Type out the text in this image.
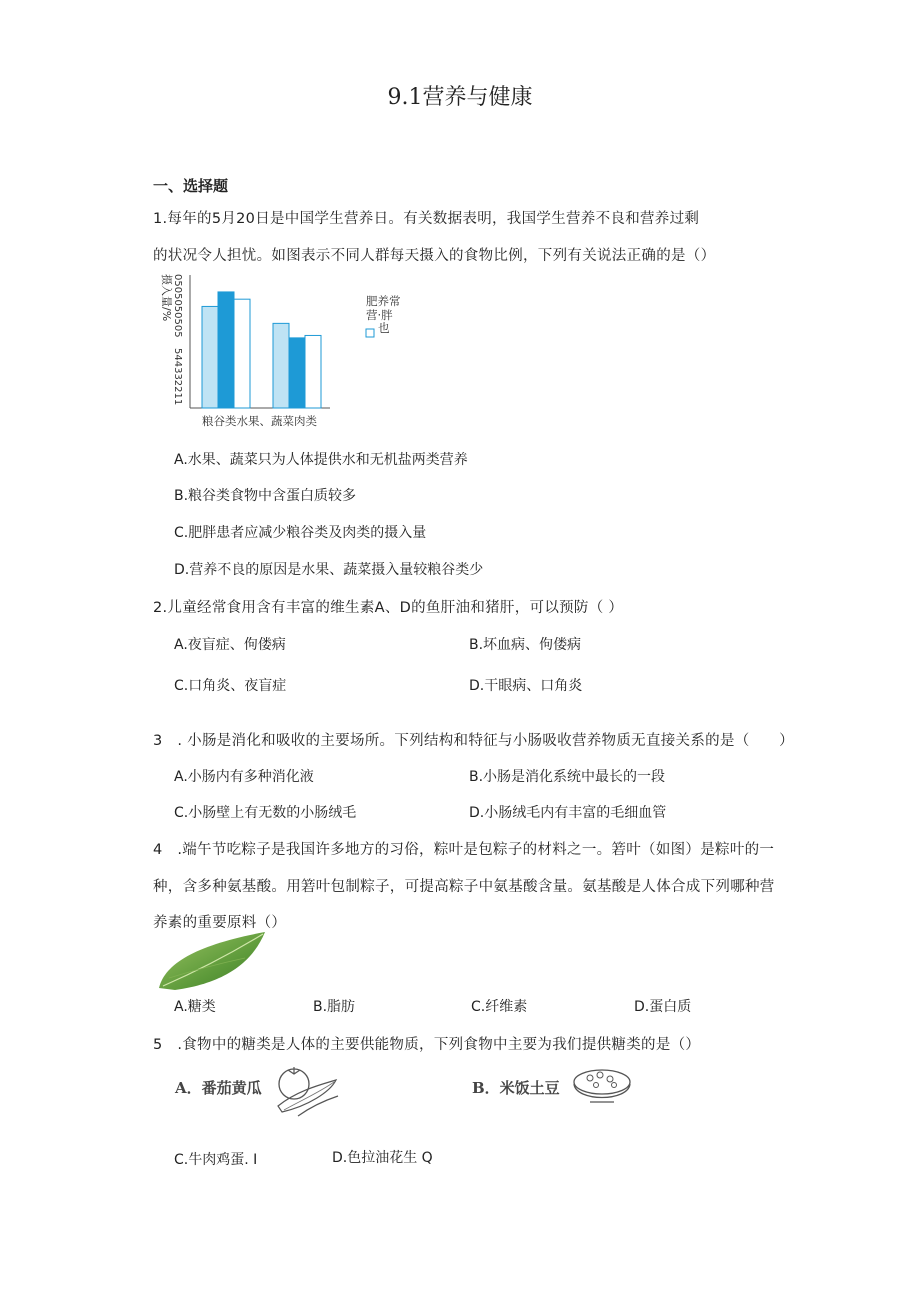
9.1营养与健康
一、选择题
1.每年的5月20日是中国学生营养日。有关数据表明，我国学生营养不良和营养过剩
的状况令人担忧。如图表示不同人群每天摄入的食物比例，下列有关说法正确的是（）
摄入量/% 0505050505
544332211
粮谷类水果、蔬菜肉类
肥养常
营·胖
也
A.水果、蔬菜只为人体提供水和无机盐两类营养
B.粮谷类食物中含蛋白质较多
C.肥胖患者应减少粮谷类及肉类的摄入量
D.营养不良的原因是水果、蔬菜摄入量较粮谷类少
2.儿童经常食用含有丰富的维生素A、D的鱼肝油和猪肝，可以预防（ ）
A.夜盲症、佝偻病	B.坏血病、佝偻病
C.口角炎、夜盲症	D.干眼病、口角炎
3　. 小肠是消化和吸收的主要场所。下列结构和特征与小肠吸收营养物质无直接关系的是（　　）
A.小肠内有多种消化液	B.小肠是消化系统中最长的一段
C.小肠壁上有无数的小肠绒毛	D.小肠绒毛内有丰富的毛细血管
4　.端午节吃粽子是我国许多地方的习俗，粽叶是包粽子的材料之一。箬叶（如图）是粽叶的一
种，含多种氨基酸。用箬叶包制粽子，可提高粽子中氨基酸含量。氨基酸是人体合成下列哪种营
养素的重要原料（）
A.糖类	B.脂肪	C.纤维素	D.蛋白质
5　.食物中的糖类是人体的主要供能物质，下列食物中主要为我们提供糖类的是（）
A．番茄黄瓜	B．米饭土豆
C.牛肉鸡蛋. I	D.色拉油花生 Q
